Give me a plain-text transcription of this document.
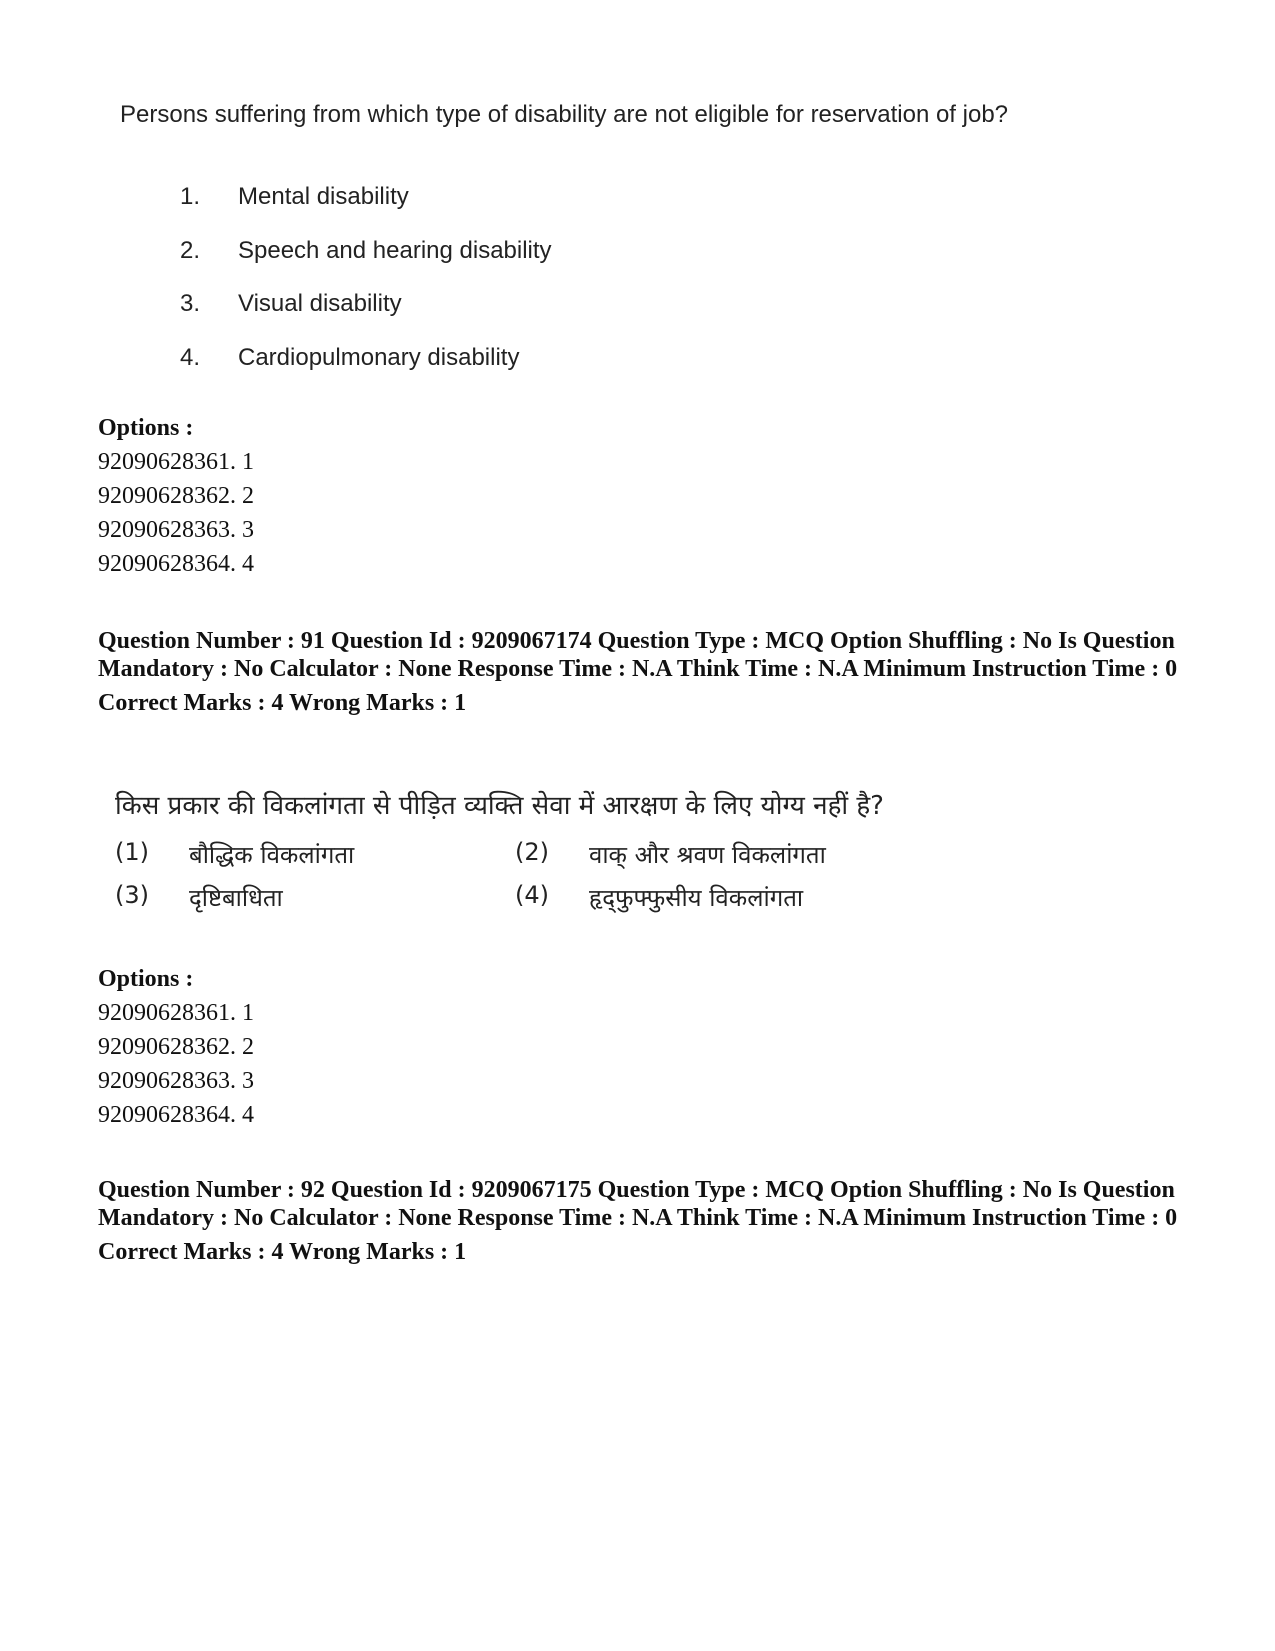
Persons suffering from which type of disability are not eligible for reservation of job?
1.	Mental disability
2.	Speech and hearing disability
3.	Visual disability
4.	Cardiopulmonary disability
Options :
92090628361. 1
92090628362. 2
92090628363. 3
92090628364. 4
Question Number : 91 Question Id : 9209067174 Question Type : MCQ Option Shuffling : No Is Question Mandatory : No Calculator : None Response Time : N.A Think Time : N.A Minimum Instruction Time : 0
Correct Marks : 4 Wrong Marks : 1
किस प्रकार की विकलांगता से पीड़ित व्यक्ति सेवा में आरक्षण के लिए योग्य नहीं है?
(1)	बौद्धिक विकलांगता	(2)	वाक् और श्रवण विकलांगता
(3)	दृष्टिबाधिता	(4)	हृद्फुफ्फुसीय विकलांगता
Options :
92090628361. 1
92090628362. 2
92090628363. 3
92090628364. 4
Question Number : 92 Question Id : 9209067175 Question Type : MCQ Option Shuffling : No Is Question Mandatory : No Calculator : None Response Time : N.A Think Time : N.A Minimum Instruction Time : 0
Correct Marks : 4 Wrong Marks : 1
